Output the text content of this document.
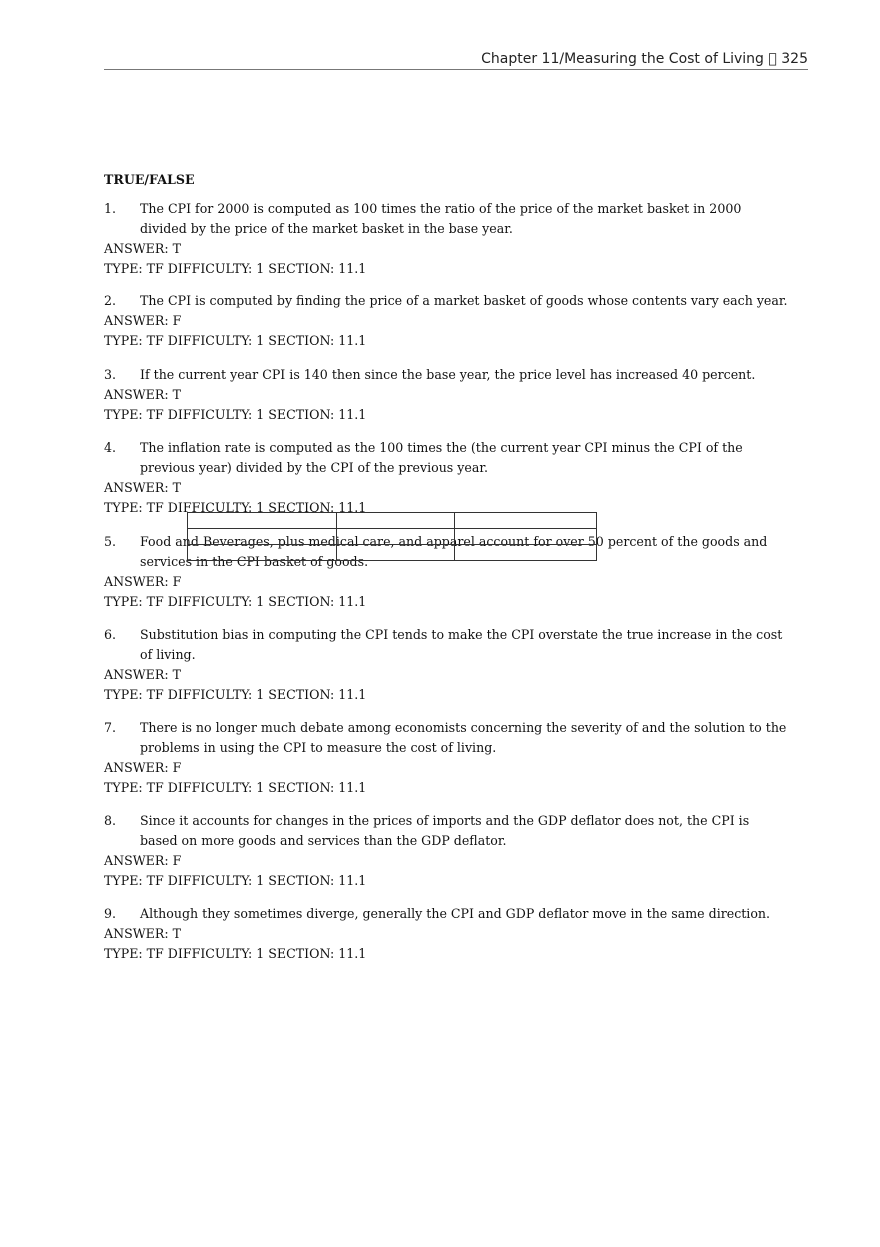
Chapter 11/Measuring the Cost of Living 325
TRUE/FALSE
1. The CPI for 2000 is computed as 100 times the ratio of the price of the market basket in 2000
divided by the price of the market basket in the base year.
ANSWER: T
TYPE: TF DIFFICULTY: 1 SECTION: 11.1
2. The CPI is computed by finding the price of a market basket of goods whose contents vary each year.
ANSWER: F
TYPE: TF DIFFICULTY: 1 SECTION: 11.1
3. If the current year CPI is 140 then since the base year, the price level has increased 40 percent.
ANSWER: T
TYPE: TF DIFFICULTY: 1 SECTION: 11.1
4. The inflation rate is computed as the 100 times the (the current year CPI minus the CPI of the
previous year) divided by the CPI of the previous year.
ANSWER: T
TYPE: TF DIFFICULTY: 1 SECTION: 11.1
5. Food and Beverages, plus medical care, and apparel account for over 50 percent of the goods and
services in the CPI basket of goods.
ANSWER: F
TYPE: TF DIFFICULTY: 1 SECTION: 11.1
6. Substitution bias in computing the CPI tends to make the CPI overstate the true increase in the cost
of living.
ANSWER: T
TYPE: TF DIFFICULTY: 1 SECTION: 11.1
7. There is no longer much debate among economists concerning the severity of and the solution to the
problems in using the CPI to measure the cost of living.
ANSWER: F
TYPE: TF DIFFICULTY: 1 SECTION: 11.1
8. Since it accounts for changes in the prices of imports and the GDP deflator does not, the CPI is
based on more goods and services than the GDP deflator.
ANSWER: F
TYPE: TF DIFFICULTY: 1 SECTION: 11.1
9. Although they sometimes diverge, generally the CPI and GDP deflator move in the same direction.
ANSWER: T
TYPE: TF DIFFICULTY: 1 SECTION: 11.1
